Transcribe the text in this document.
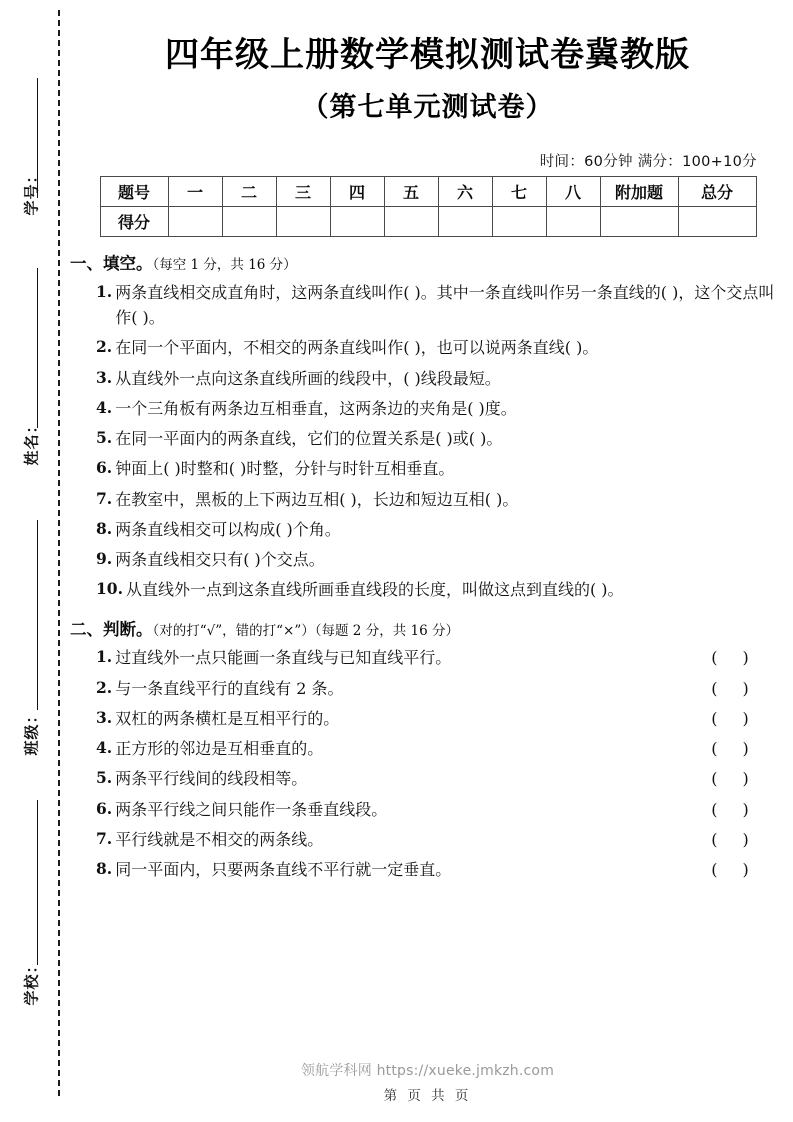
学号：
姓名：
班级：
学校：
四年级上册数学模拟测试卷冀教版
（第七单元测试卷）
时间：60分钟 满分：100+10分
题号	一	二	三	四	五	六	七	八	附加题	总分
得分										
一、填空。（每空 1 分，共 16 分）
1. 两条直线相交成直角时，这两条直线叫作( )。其中一条直线叫作另一条直线的( )，这个交点叫作( )。
2. 在同一个平面内，不相交的两条直线叫作( )，也可以说两条直线( )。
3. 从直线外一点向这条直线所画的线段中，( )线段最短。
4. 一个三角板有两条边互相垂直，这两条边的夹角是( )度。
5. 在同一平面内的两条直线，它们的位置关系是( )或( )。
6. 钟面上( )时整和( )时整，分针与时针互相垂直。
7. 在教室中，黑板的上下两边互相( )，长边和短边互相( )。
8. 两条直线相交可以构成( )个角。
9. 两条直线相交只有( )个交点。
10. 从直线外一点到这条直线所画垂直线段的长度，叫做这点到直线的( )。
二、判断。（对的打“√”，错的打“×”）（每题 2 分，共 16 分）
1. 过直线外一点只能画一条直线与已知直线平行。	( )
2. 与一条直线平行的直线有 2 条。	( )
3. 双杠的两条横杠是互相平行的。	( )
4. 正方形的邻边是互相垂直的。	( )
5. 两条平行线间的线段相等。	( )
6. 两条平行线之间只能作一条垂直线段。	( )
7. 平行线就是不相交的两条线。	( )
8. 同一平面内，只要两条直线不平行就一定垂直。	( )
领航学科网 https://xueke.jmkzh.com
第 页 共 页
